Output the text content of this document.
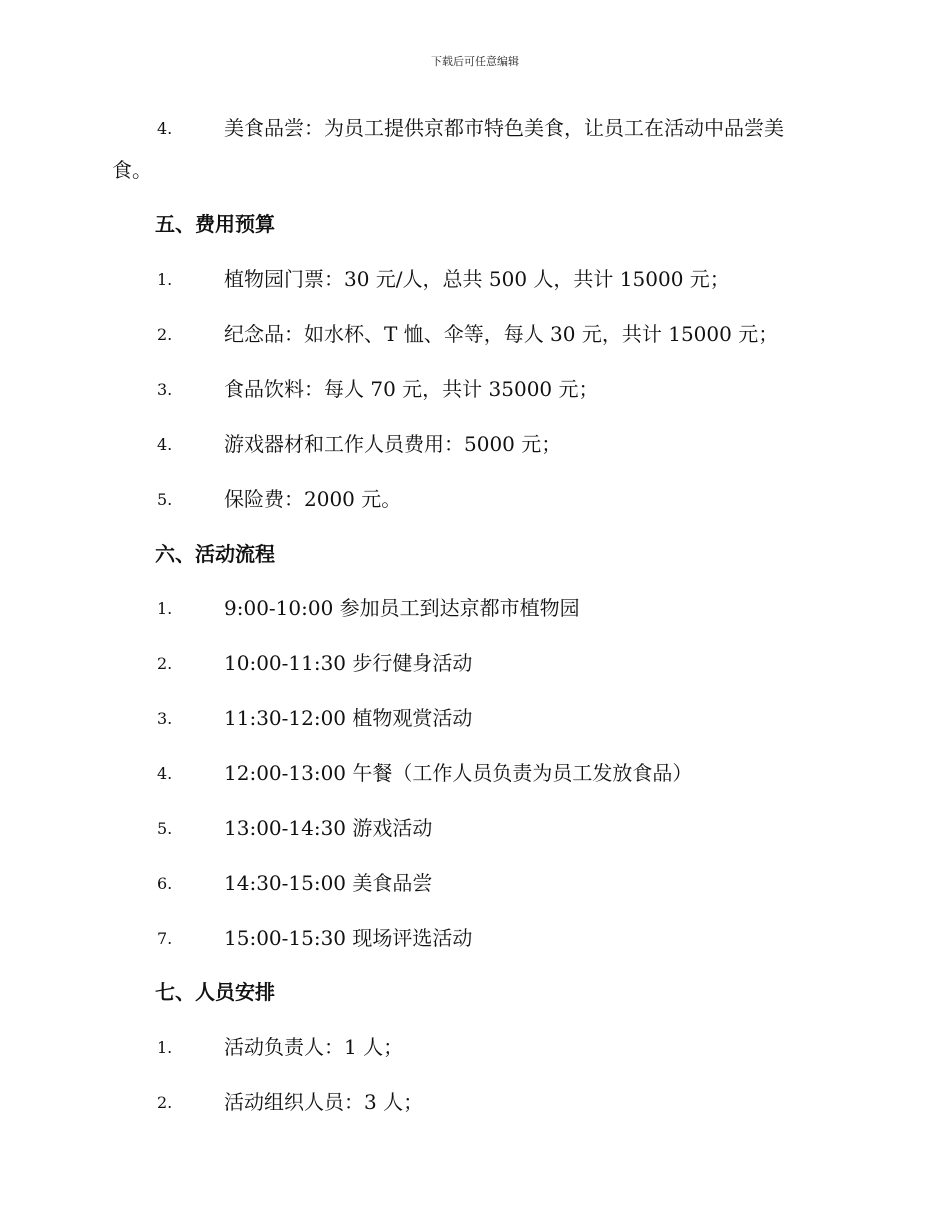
下载后可任意编辑
4.	美食品尝：为员工提供京都市特色美食，让员工在活动中品尝美
食。
五、费用预算
1.	植物园门票：30 元/人，总共 500 人，共计 15000 元；
2.	纪念品：如水杯、T 恤、伞等，每人 30 元，共计 15000 元；
3.	食品饮料：每人 70 元，共计 35000 元；
4.	游戏器材和工作人员费用：5000 元；
5.	保险费：2000 元。
六、活动流程
1.	9:00-10:00 参加员工到达京都市植物园
2.	10:00-11:30 步行健身活动
3.	11:30-12:00 植物观赏活动
4.	12:00-13:00 午餐（工作人员负责为员工发放食品）
5.	13:00-14:30 游戏活动
6.	14:30-15:00 美食品尝
7.	15:00-15:30 现场评选活动
七、人员安排
1.	活动负责人：1 人；
2.	活动组织人员：3 人；
